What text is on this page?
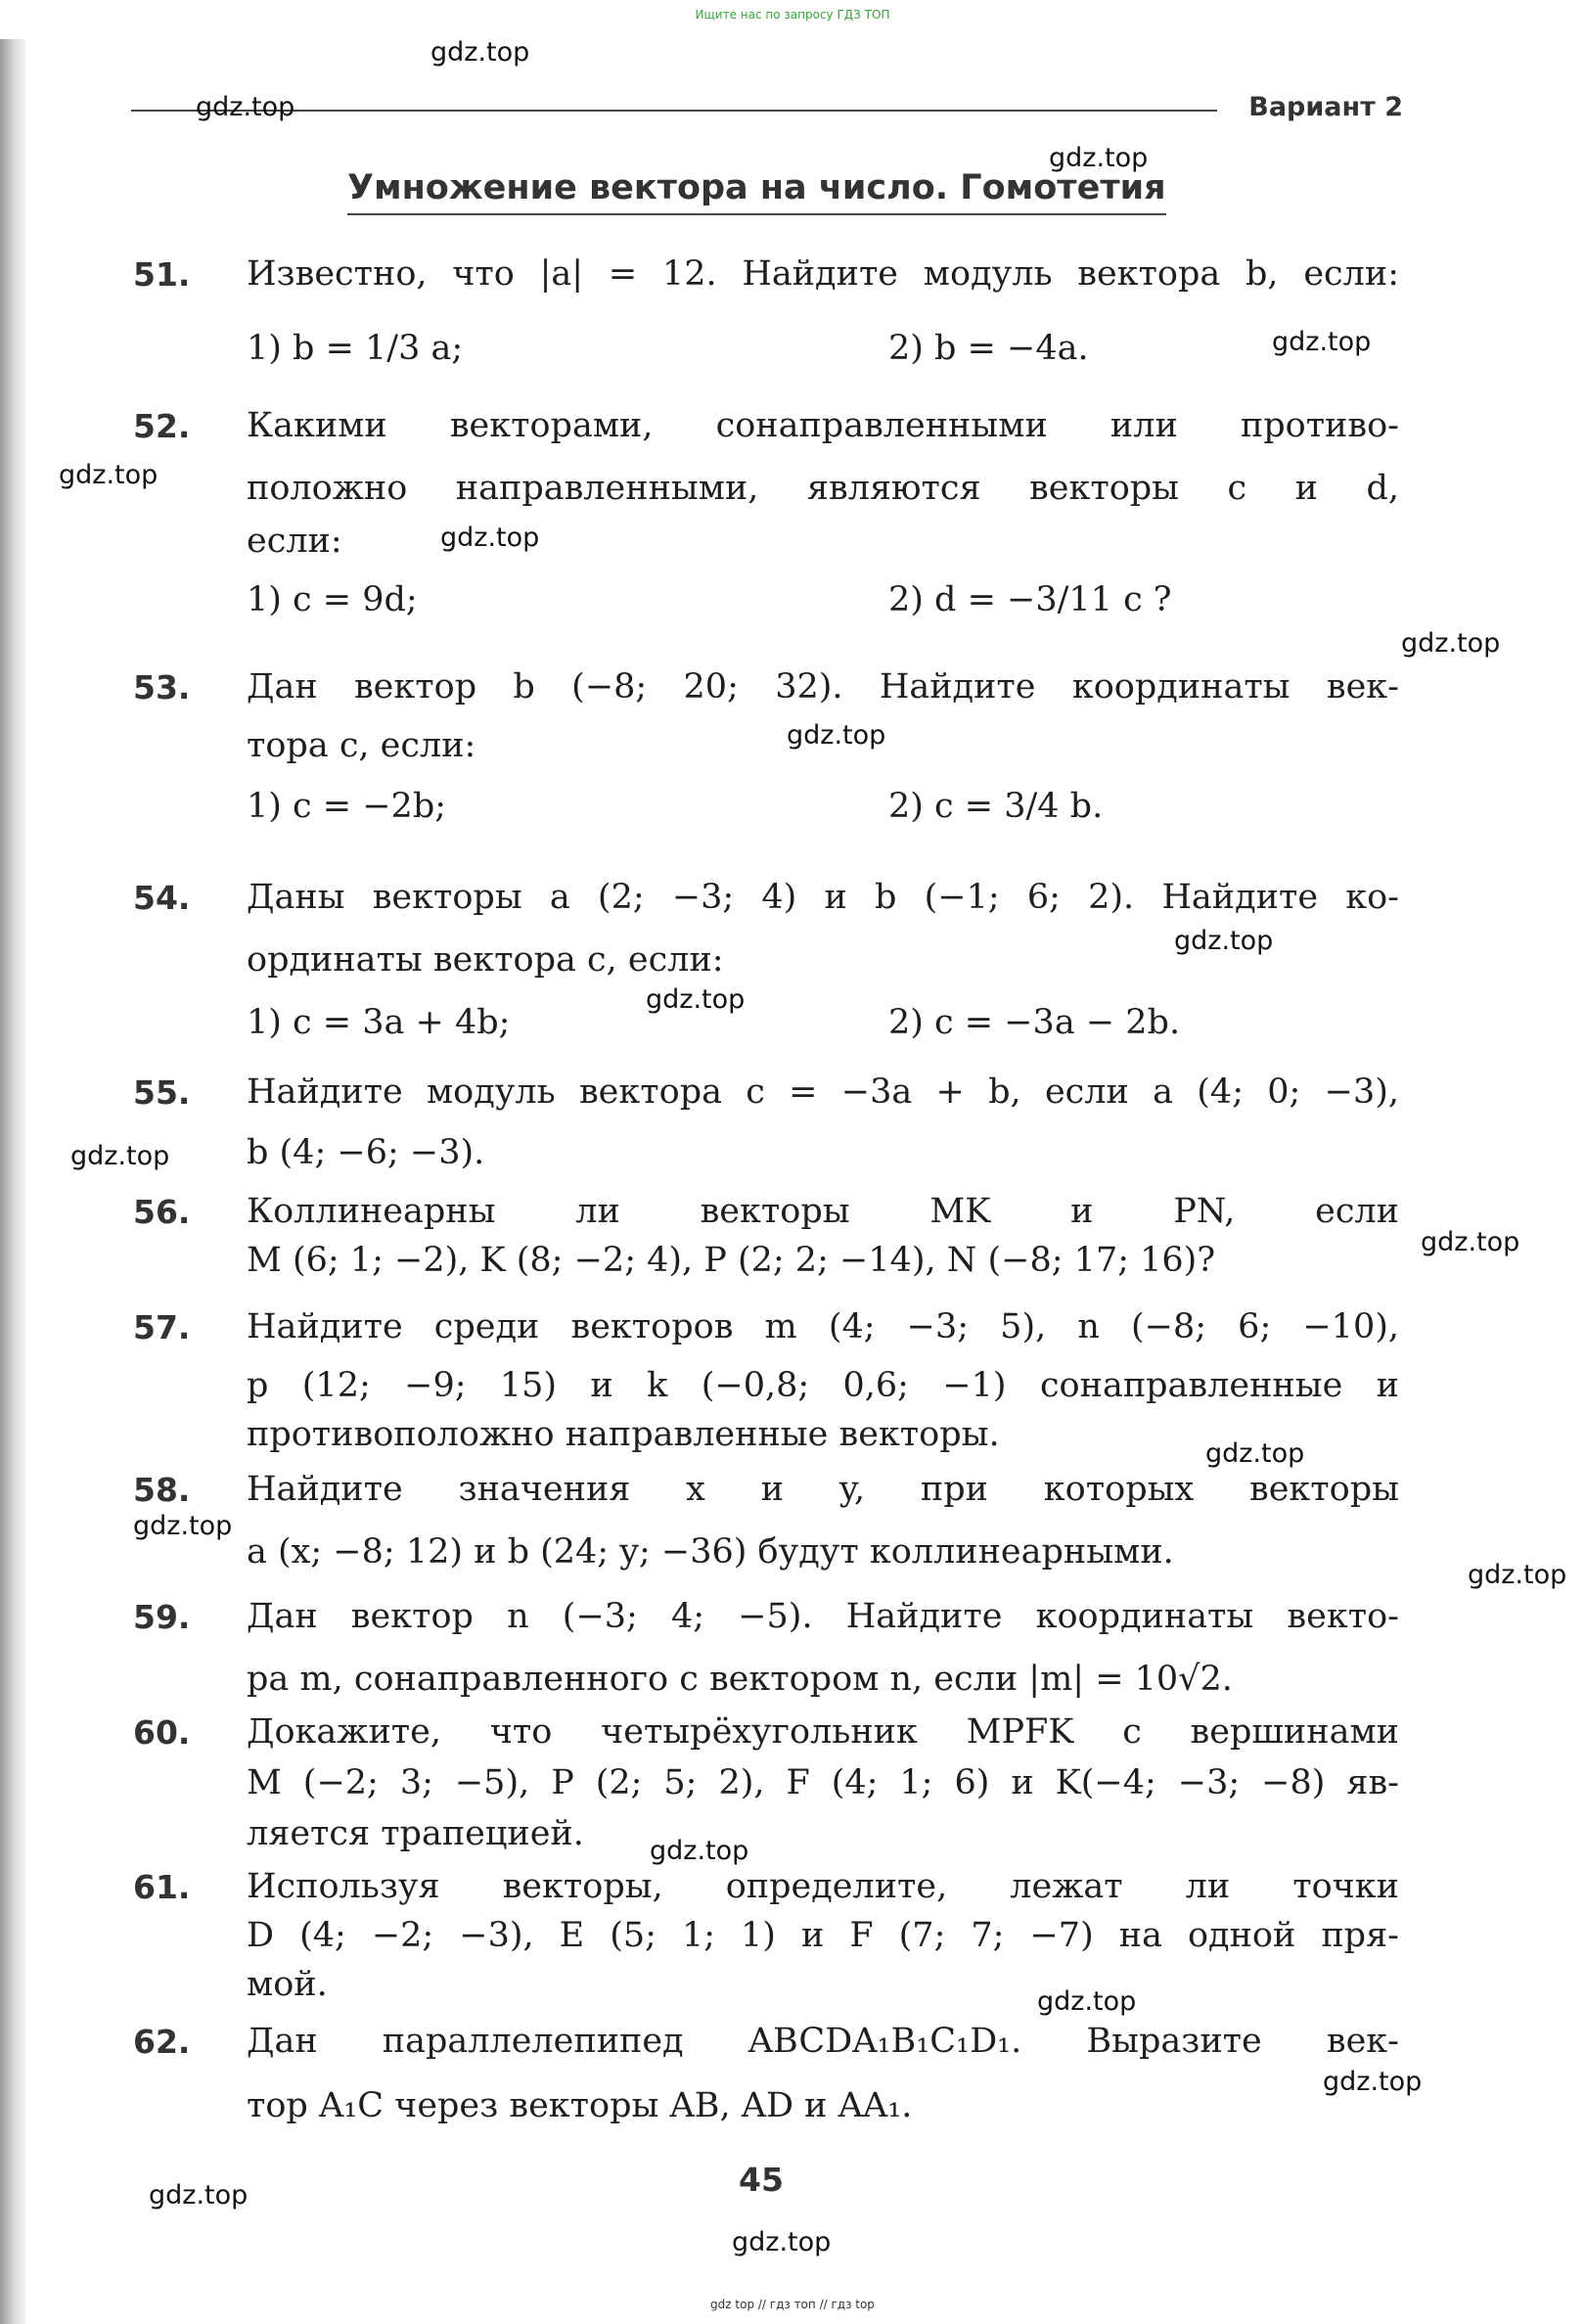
Ищите нас по запросу ГДЗ ТОП
Вариант 2
Умножение вектора на число. Гомотетия
51. Известно, что |a| = 12. Найдите модуль вектора b, если:
1) b = 1/3 a;	2) b = −4a.
52. Какими векторами, сонаправленными или противо-
положно направленными, являются векторы c и d,
если:
1) c = 9d;	2) d = −3/11 c ?
53. Дан вектор b (−8; 20; 32). Найдите координаты век-
тора c, если:
1) c = −2b;	2) c = 3/4 b.
54. Даны векторы a (2; −3; 4) и b (−1; 6; 2). Найдите ко-
ординаты вектора c, если:
1) c = 3a + 4b;	2) c = −3a − 2b.
55. Найдите модуль вектора c = −3a + b, если a (4; 0; −3),
b (4; −6; −3).
56. Коллинеарны ли векторы MK и PN, если
M (6; 1; −2), K (8; −2; 4), P (2; 2; −14), N (−8; 17; 16)?
57. Найдите среди векторов m (4; −3; 5), n (−8; 6; −10),
p (12; −9; 15) и k (−0,8; 0,6; −1) сонаправленные и
противоположно направленные векторы.
58. Найдите значения x и y, при которых векторы
a (x; −8; 12) и b (24; y; −36) будут коллинеарными.
59. Дан вектор n (−3; 4; −5). Найдите координаты векто-
ра m, сонаправленного с вектором n, если |m| = 10√2.
60. Докажите, что четырёхугольник MPFK с вершинами
M (−2; 3; −5), P (2; 5; 2), F (4; 1; 6) и K(−4; −3; −8) яв-
ляется трапецией.
61. Используя векторы, определите, лежат ли точки
D (4; −2; −3), E (5; 1; 1) и F (7; 7; −7) на одной пря-
мой.
62. Дан параллелепипед ABCDA₁B₁C₁D₁. Выразите век-
тор A₁C через векторы AB, AD и AA₁.
gdz.top
gdz.top
gdz.top
gdz.top
gdz.top
gdz.top
gdz.top
gdz.top
gdz.top
gdz.top
gdz.top
gdz.top
gdz.top
gdz.top
gdz.top
gdz.top
gdz.top
gdz.top
gdz.top
gdz.top
45
gdz top // гдз топ // гдз top
